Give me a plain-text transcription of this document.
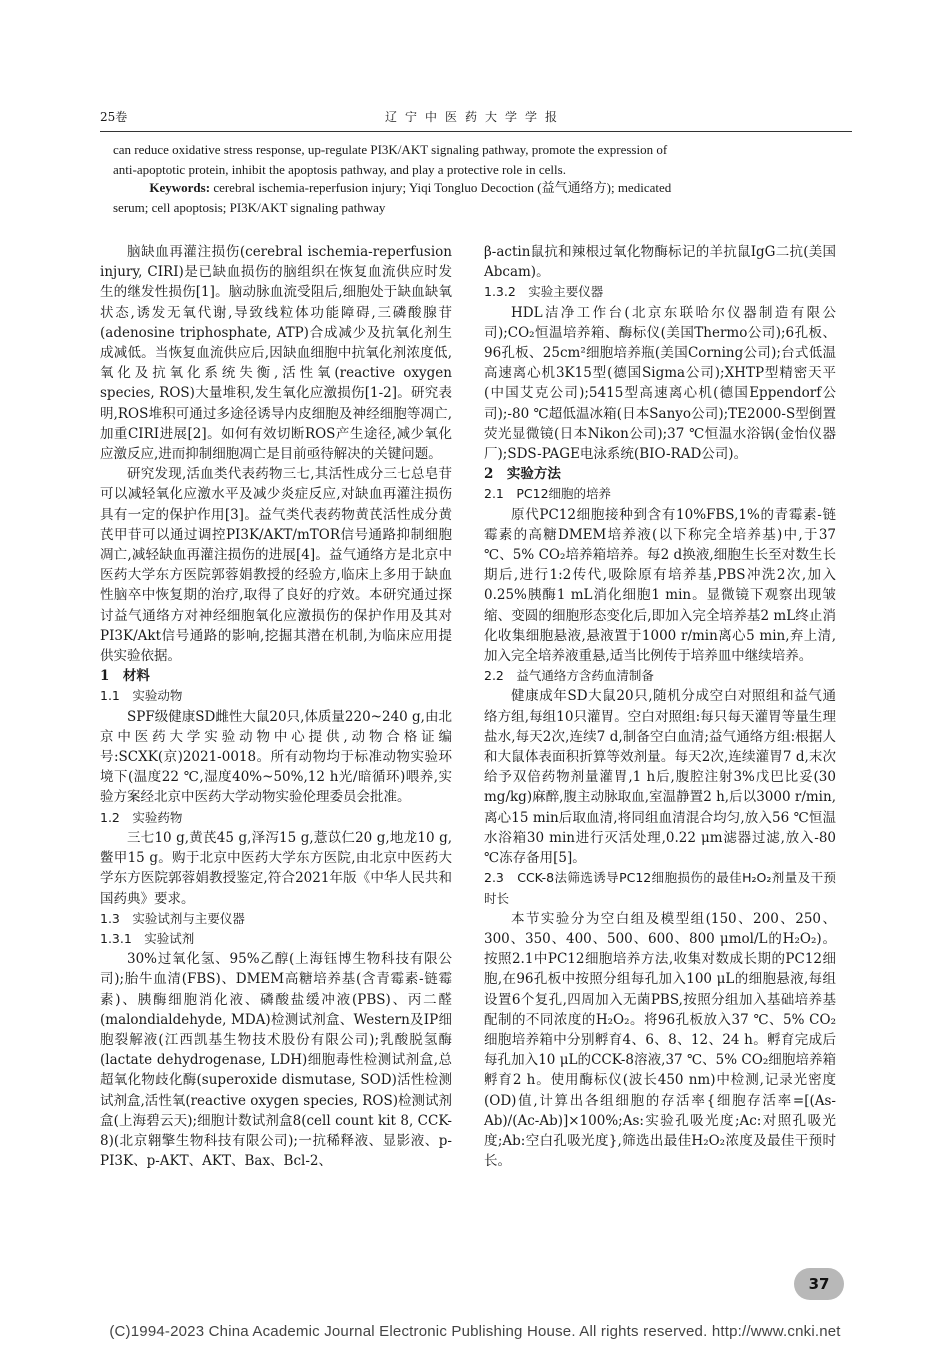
25卷	辽宁中医药大学学报

can reduce oxidative stress response, up-regulate PI3K/AKT signaling pathway, promote the expression of

anti-apoptotic protein, inhibit the apoptosis pathway, and play a protective role in cells.

Keywords: cerebral ischemia-reperfusion injury; Yiqi Tongluo Decoction (益气通络方); medicated

serum; cell apoptosis; PI3K/AKT signaling pathway

脑缺血再灌注损伤(cerebral ischemia-reperfusion injury, CIRI)是已缺血损伤的脑组织在恢复血流供应时发生的继发性损伤[1]。脑动脉血流受阻后,细胞处于缺血缺氧状态,诱发无氧代谢,导致线粒体功能障碍,三磷酸腺苷(adenosine triphosphate, ATP)合成减少及抗氧化剂生成减低。当恢复血流供应后,因缺血细胞中抗氧化剂浓度低,氧化及抗氧化系统失衡,活性氧(reactive oxygen species, ROS)大量堆积,发生氧化应激损伤[1-2]。研究表明,ROS堆积可通过多途径诱导内皮细胞及神经细胞等凋亡,加重CIRI进展[2]。如何有效切断ROS产生途径,减少氧化应激反应,进而抑制细胞凋亡是目前亟待解决的关键问题。

研究发现,活血类代表药物三七,其活性成分三七总皂苷可以减轻氧化应激水平及减少炎症反应,对缺血再灌注损伤具有一定的保护作用[3]。益气类代表药物黄芪活性成分黄芪甲苷可以通过调控PI3K/AKT/mTOR信号通路抑制细胞凋亡,减轻缺血再灌注损伤的进展[4]。益气通络方是北京中医药大学东方医院郭蓉娟教授的经验方,临床上多用于缺血性脑卒中恢复期的治疗,取得了良好的疗效。本研究通过探讨益气通络方对神经细胞氧化应激损伤的保护作用及其对PI3K/Akt信号通路的影响,挖掘其潜在机制,为临床应用提供实验依据。

1　材料

1.1　实验动物

SPF级健康SD雌性大鼠20只,体质量220~240 g,由北京中医药大学实验动物中心提供,动物合格证编号:SCXK(京)2021-0018。所有动物均于标准动物实验环境下(温度22 ℃,湿度40%~50%,12 h光/暗循环)喂养,实验方案经北京中医药大学动物实验伦理委员会批准。

1.2　实验药物

三七10 g,黄芪45 g,泽泻15 g,薏苡仁20 g,地龙10 g,鳖甲15 g。购于北京中医药大学东方医院,由北京中医药大学东方医院郭蓉娟教授鉴定,符合2021年版《中华人民共和国药典》要求。

1.3　实验试剂与主要仪器

1.3.1　实验试剂

30%过氧化氢、95%乙醇(上海钰博生物科技有限公司);胎牛血清(FBS)、DMEM高糖培养基(含青霉素-链霉素)、胰酶细胞消化液、磷酸盐缓冲液(PBS)、丙二醛(malondialdehyde, MDA)检测试剂盒、Western及IP细胞裂解液(江西凯基生物技术股份有限公司);乳酸脱氢酶(lactate dehydrogenase, LDH)细胞毒性检测试剂盒,总超氧化物歧化酶(superoxide dismutase, SOD)活性检测试剂盒,活性氧(reactive oxygen species, ROS)检测试剂盒(上海碧云天);细胞计数试剂盒8(cell count kit 8, CCK-8)(北京翱擎生物科技有限公司);一抗稀释液、显影液、p-PI3K、p-AKT、AKT、Bax、Bcl-2、

β-actin鼠抗和辣根过氧化物酶标记的羊抗鼠IgG二抗(美国Abcam)。

1.3.2　实验主要仪器

HDL洁净工作台(北京东联哈尔仪器制造有限公司);CO₂恒温培养箱、酶标仪(美国Thermo公司);6孔板、96孔板、25cm²细胞培养瓶(美国Corning公司);台式低温高速离心机3K15型(德国Sigma公司);XHTP型精密天平(中国艾克公司);5415型高速离心机(德国Eppendorf公司);-80 ℃超低温冰箱(日本Sanyo公司);TE2000-S型倒置荧光显微镜(日本Nikon公司);37 ℃恒温水浴锅(金怡仪器厂);SDS-PAGE电泳系统(BIO-RAD公司)。

2　实验方法

2.1　PC12细胞的培养

原代PC12细胞接种到含有10%FBS,1%的青霉素-链霉素的高糖DMEM培养液(以下称完全培养基)中,于37 ℃、5% CO₂培养箱培养。每2 d换液,细胞生长至对数生长期后,进行1:2传代,吸除原有培养基,PBS冲洗2次,加入0.25%胰酶1 mL消化细胞1 min。显微镜下观察出现皱缩、变圆的细胞形态变化后,即加入完全培养基2 mL终止消化收集细胞悬液,悬液置于1000 r/min离心5 min,弃上清,加入完全培养液重悬,适当比例传于培养皿中继续培养。

2.2　益气通络方含药血清制备

健康成年SD大鼠20只,随机分成空白对照组和益气通络方组,每组10只灌胃。空白对照组:每只每天灌胃等量生理盐水,每天2次,连续7 d,制备空白血清;益气通络方组:根据人和大鼠体表面积折算等效剂量。每天2次,连续灌胃7 d,末次给予双倍药物剂量灌胃,1 h后,腹腔注射3%戊巴比妥(30 mg/kg)麻醉,腹主动脉取血,室温静置2 h,后以3000 r/min,离心15 min后取血清,将同组血清混合均匀,放入56 ℃恒温水浴箱30 min进行灭活处理,0.22 μm滤器过滤,放入-80 ℃冻存备用[5]。

2.3　CCK-8法筛选诱导PC12细胞损伤的最佳H₂O₂剂量及干预时长

本节实验分为空白组及模型组(150、200、250、300、350、400、500、600、800 μmol/L的H₂O₂)。按照2.1中PC12细胞培养方法,收集对数成长期的PC12细胞,在96孔板中按照分组每孔加入100 μL的细胞悬液,每组设置6个复孔,四周加入无菌PBS,按照分组加入基础培养基配制的不同浓度的H₂O₂。将96孔板放入37 ℃、5% CO₂细胞培养箱中分别孵育4、6、8、12、24 h。孵育完成后每孔加入10 μL的CCK-8溶液,37 ℃、5% CO₂细胞培养箱孵育2 h。使用酶标仪(波长450 nm)中检测,记录光密度(OD)值,计算出各组细胞的存活率{细胞存活率=[(As-Ab)/(Ac-Ab)]×100%;As:实验孔吸光度;Ac:对照孔吸光度;Ab:空白孔吸光度},筛选出最佳H₂O₂浓度及最佳干预时长。

37
(C)1994-2023 China Academic Journal Electronic Publishing House. All rights reserved. http://www.cnki.net
